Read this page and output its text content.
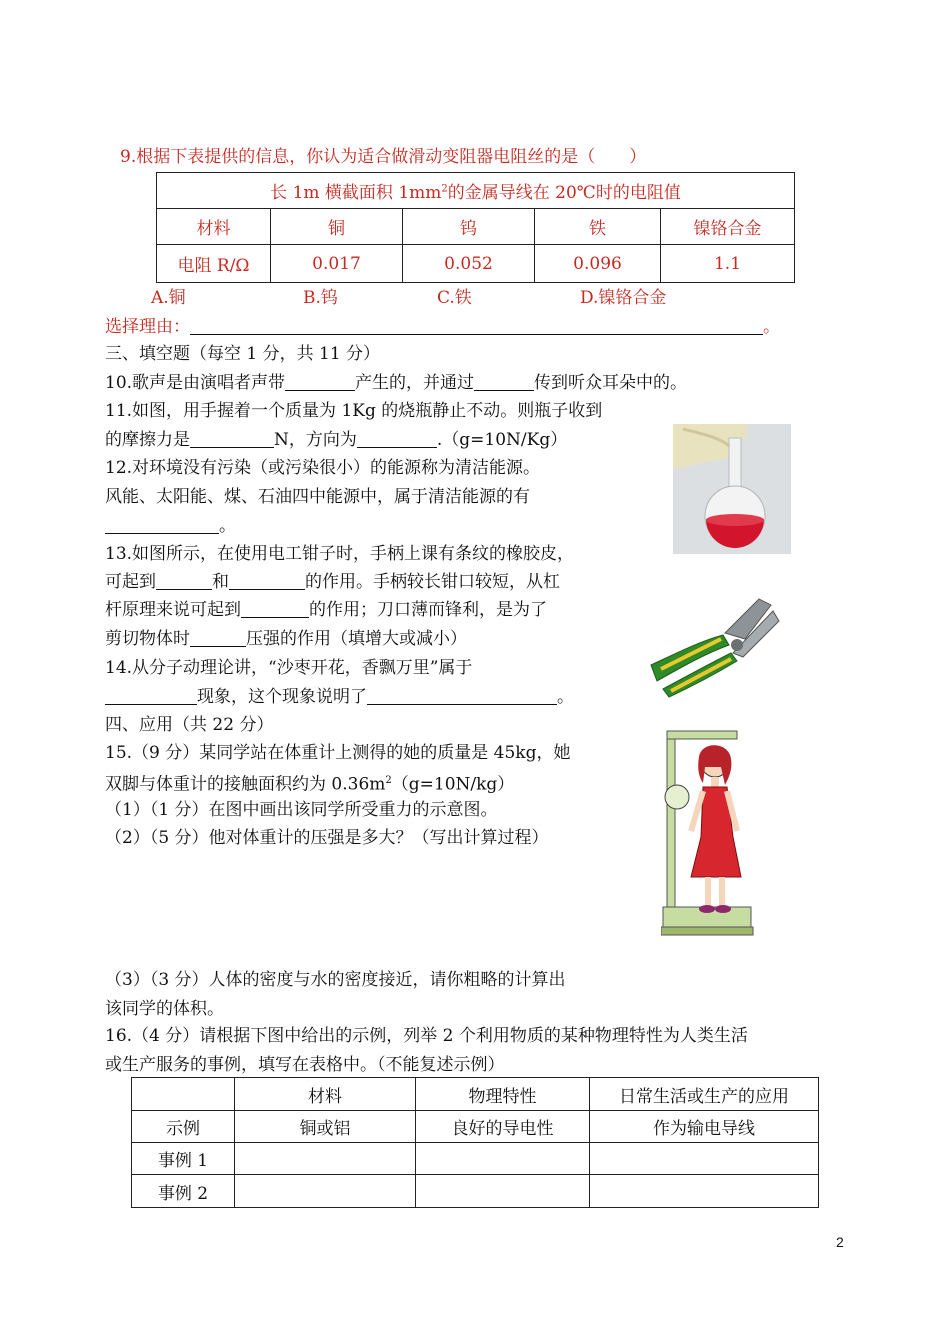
9.根据下表提供的信息，你认为适合做滑动变阻器电阻丝的是（　　）
长 1m 横截面积 $1mm^2$的金属导线在 20℃时的电阻值				
材料	铜	钨	铁	镍铬合金
电阻 R/Ω	0.017	0.052	0.096	1.1
A.铜	B.钨	C.铁	D.镍铬合金
选择理由：	。
三、填空题（每空 1 分，共 11 分）
10.歌声是由演唱者声带	产生的，并通过	传到听众耳朵中的。
11.如图，用手握着一个质量为 1Kg 的烧瓶静止不动。则瓶子收到
的摩擦力是	N，方向为	.（g=10N/Kg）
12.对环境没有污染（或污染很小）的能源称为清洁能源。
风能、太阳能、煤、石油四中能源中，属于清洁能源的有
。
13.如图所示，在使用电工钳子时，手柄上课有条纹的橡胶皮，
可起到	和	的作用。手柄较长钳口较短，从杠
杆原理来说可起到	的作用；刀口薄而锋利，是为了
剪切物体时	压强的作用（填增大或减小）
14.从分子动理论讲，“沙枣开花，香飘万里”属于
现象，这个现象说明了	。
四、应用（共 22 分）
15.（9 分）某同学站在体重计上测得的她的质量是 45kg，她
双脚与体重计的接触面积约为 $0.36m^2(g=10N/kg)$
（1）（1 分）在图中画出该同学所受重力的示意图。
（2）（5 分）他对体重计的压强是多大？（写出计算过程）
（3）（3 分）人体的密度与水的密度接近，请你粗略的计算出
该同学的体积。
16.（4 分）请根据下图中给出的示例，列举 2 个利用物质的某种物理特性为人类生活
或生产服务的事例，填写在表格中。（不能复述示例）
	材料	物理特性	日常生活或生产的应用
示例	铜或铝	良好的导电性	作为输电导线
事例 1			
事例 2			
2
